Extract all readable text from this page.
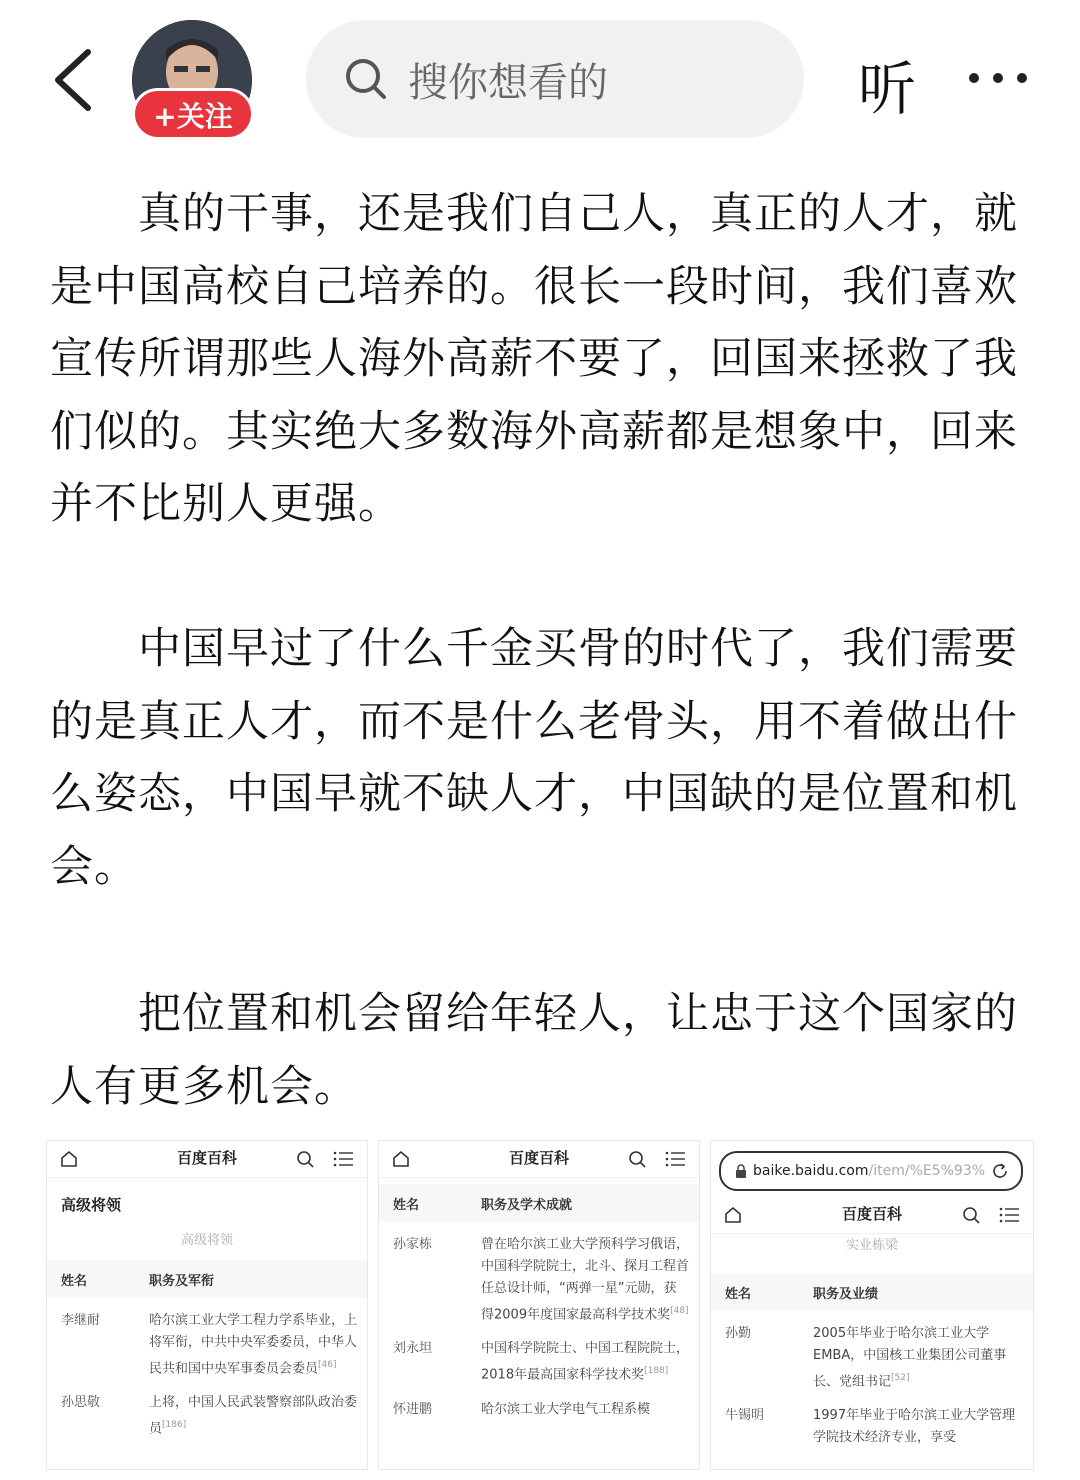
+关注
搜你想看的	听
　　真的干事，还是我们自己人，真正的人才，就是中国高校自己培养的。很长一段时间，我们喜欢宣传所谓那些人海外高薪不要了，回国来拯救了我们似的。其实绝大多数海外高薪都是想象中，回来并不比别人更强。
　　中国早过了什么千金买骨的时代了，我们需要的是真正人才，而不是什么老骨头，用不着做出什么姿态，中国早就不缺人才，中国缺的是位置和机会。
　　把位置和机会留给年轻人，让忠于这个国家的人有更多机会。
百度百科
高级将领
高级将领
姓名	职务及军衔
李继耐	哈尔滨工业大学工程力学系毕业，上将军衔，中共中央军委委员，中华人民共和国中央军事委员会委员[46]
孙思敬	上将，中国人民武装警察部队政治委员[186]
百度百科
姓名	职务及学术成就
孙家栋	曾在哈尔滨工业大学预科学习俄语，中国科学院院士，北斗、探月工程首任总设计师，“两弹一星”元勋，获得2009年度国家最高科学技术奖[48]
刘永坦	中国科学院院士、中国工程院院士，2018年最高国家科学技术奖[188]
怀进鹏	哈尔滨工业大学电气工程系模
baike.baidu.com /item/%E5%93%
百度百科
实业栋梁
姓名	职务及业绩
孙勤	2005年毕业于哈尔滨工业大学EMBA，中国核工业集团公司董事长、党组书记[52]
牛锡明	1997年毕业于哈尔滨工业大学管理学院技术经济专业，享受
